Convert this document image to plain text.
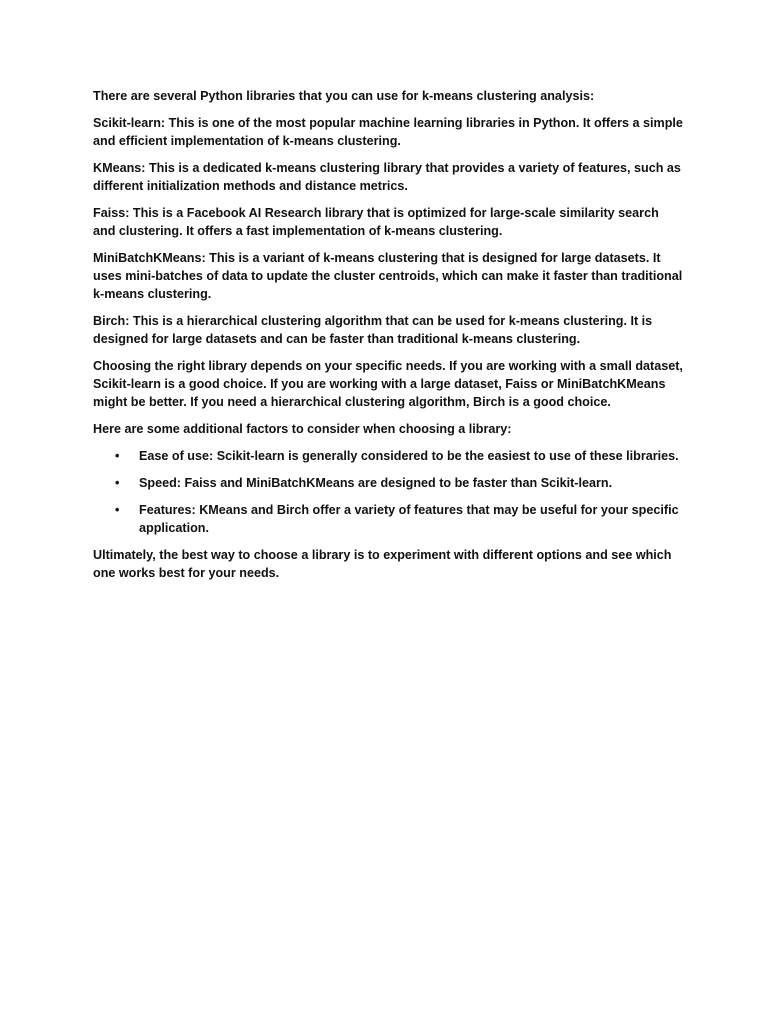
There are several Python libraries that you can use for k-means clustering analysis:

Scikit-learn: This is one of the most popular machine learning libraries in Python. It offers a simple and efficient implementation of k-means clustering.

KMeans: This is a dedicated k-means clustering library that provides a variety of features, such as different initialization methods and distance metrics.

Faiss: This is a Facebook AI Research library that is optimized for large-scale similarity search and clustering. It offers a fast implementation of k-means clustering.

MiniBatchKMeans: This is a variant of k-means clustering that is designed for large datasets. It uses mini-batches of data to update the cluster centroids, which can make it faster than traditional k-means clustering.

Birch: This is a hierarchical clustering algorithm that can be used for k-means clustering. It is designed for large datasets and can be faster than traditional k-means clustering.

Choosing the right library depends on your specific needs. If you are working with a small dataset, Scikit-learn is a good choice. If you are working with a large dataset, Faiss or MiniBatchKMeans might be better. If you need a hierarchical clustering algorithm, Birch is a good choice.

Here are some additional factors to consider when choosing a library:

• Ease of use: Scikit-learn is generally considered to be the easiest to use of these libraries.
• Speed: Faiss and MiniBatchKMeans are designed to be faster than Scikit-learn.
• Features: KMeans and Birch offer a variety of features that may be useful for your specific application.

Ultimately, the best way to choose a library is to experiment with different options and see which one works best for your needs.
